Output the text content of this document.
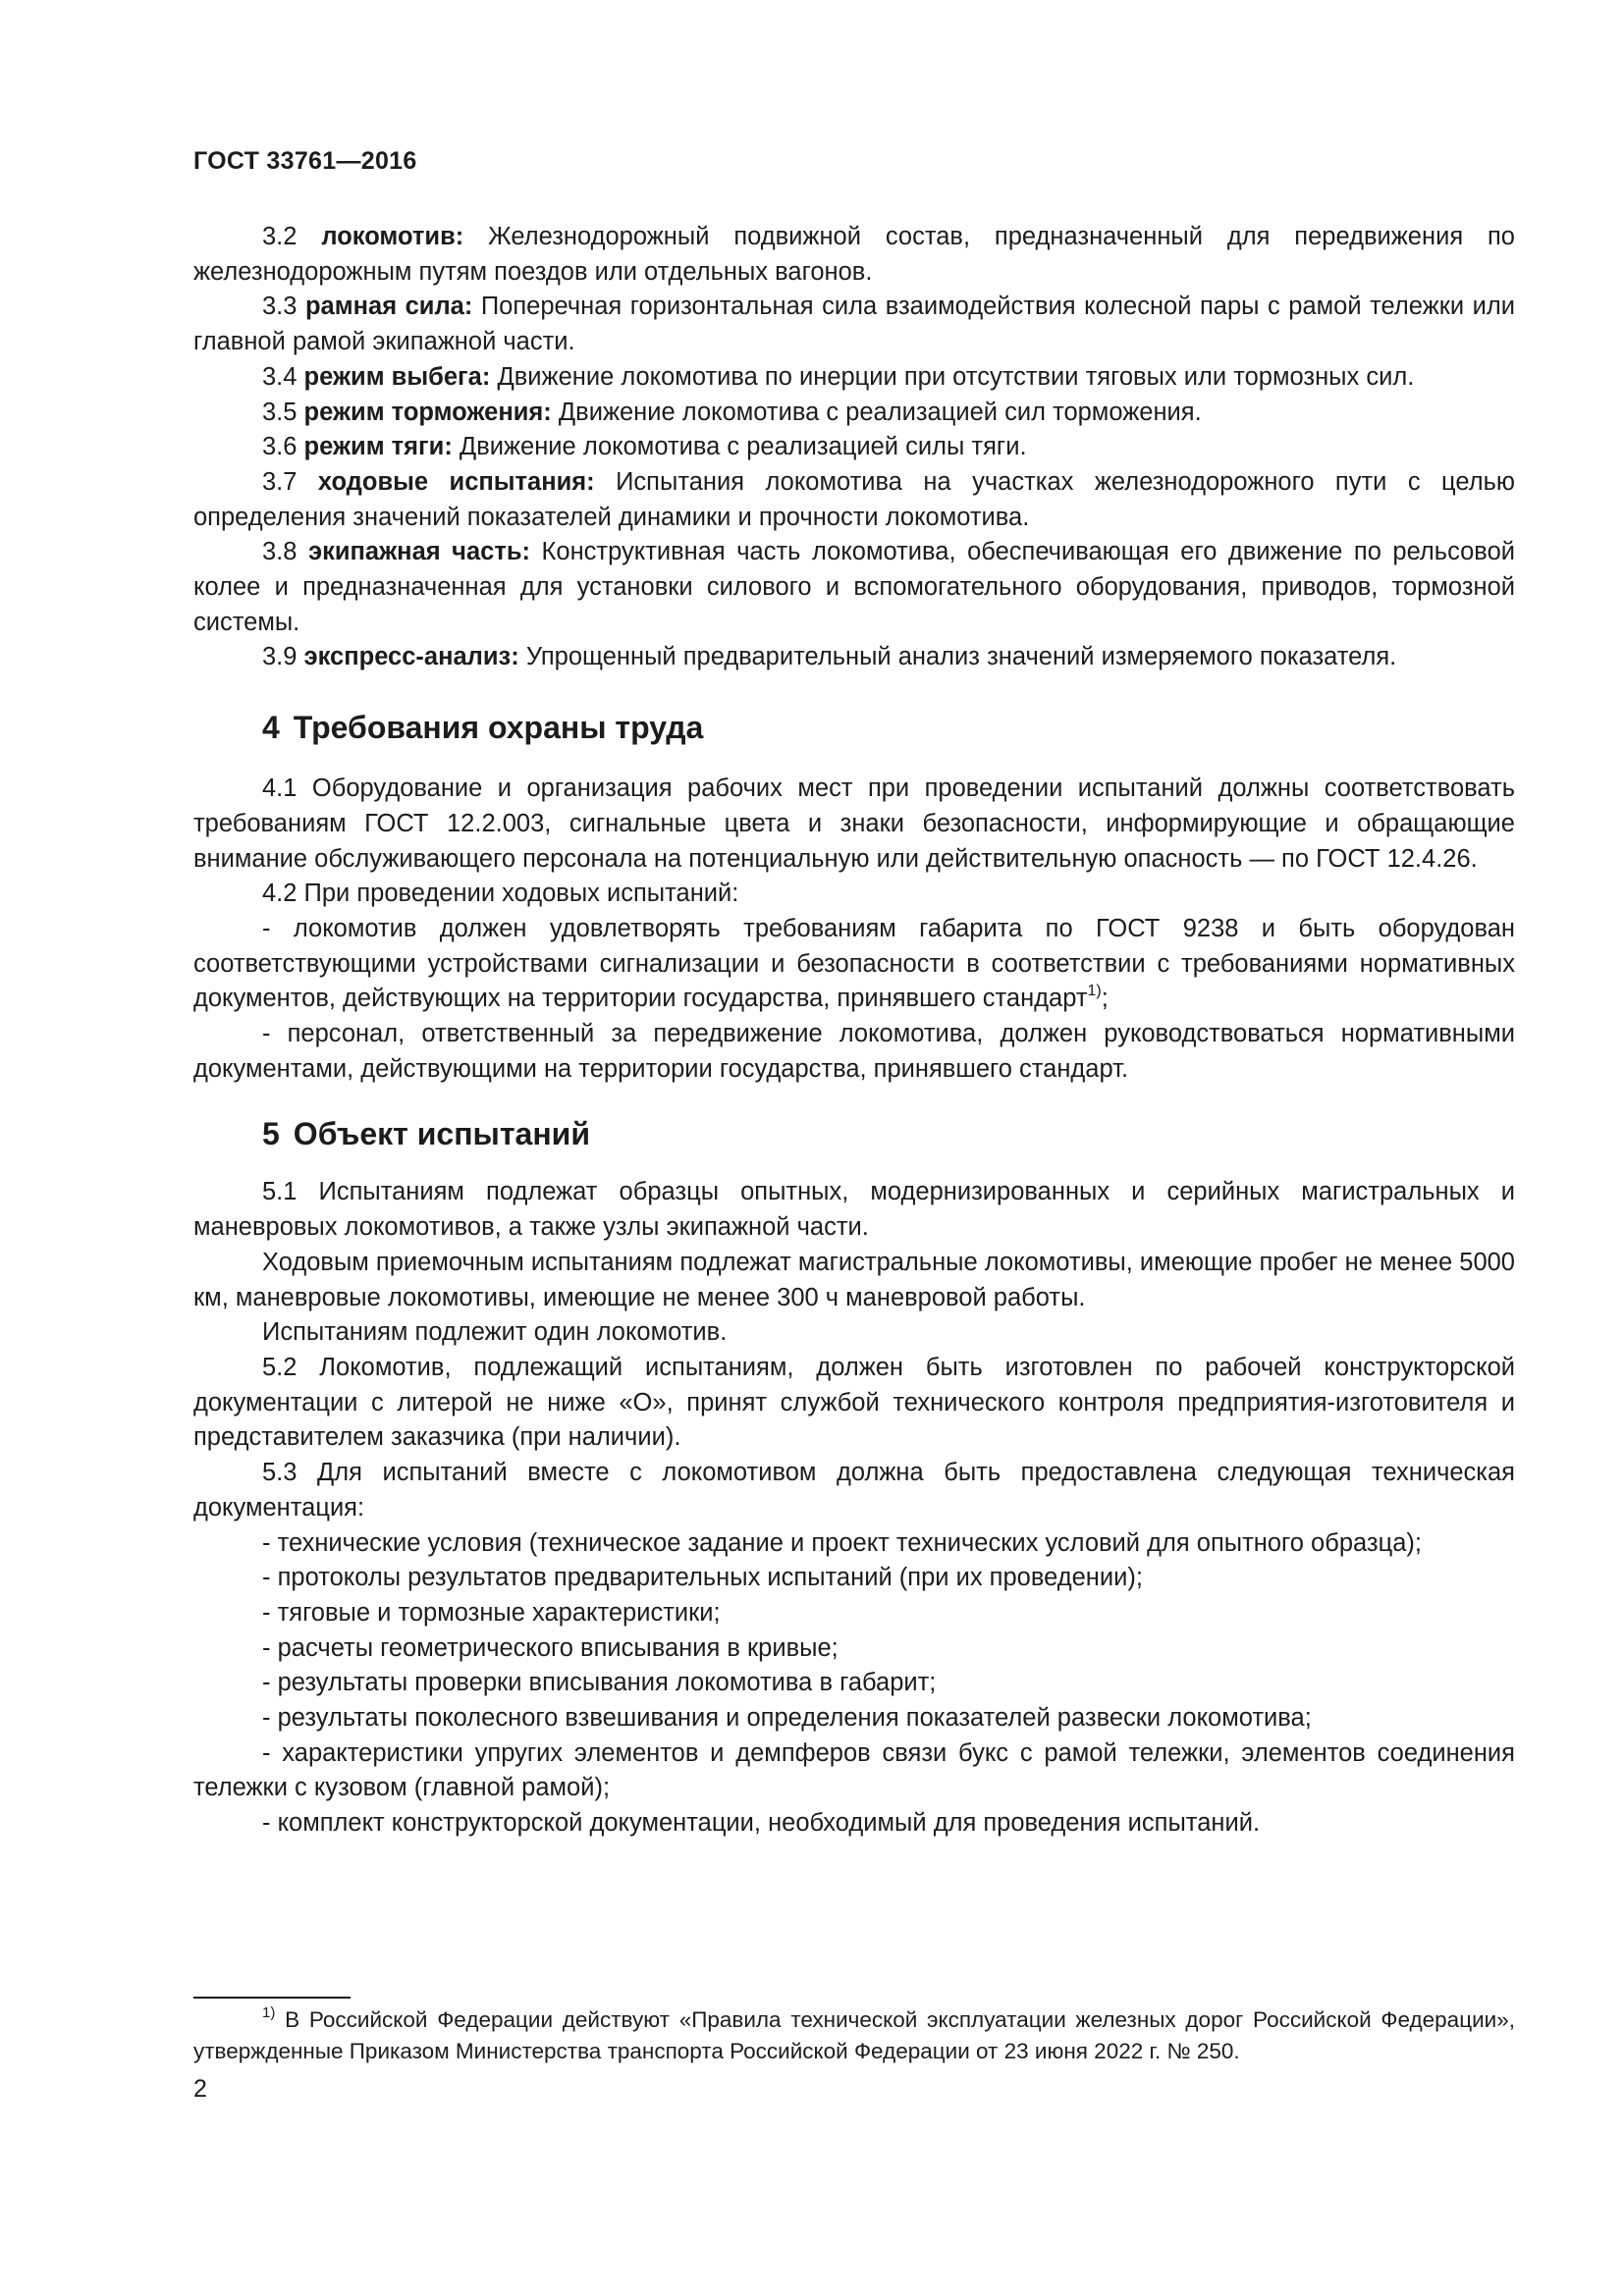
ГОСТ 33761—2016

3.2 локомотив: Железнодорожный подвижной состав, предназначенный для передвижения по железнодорожным путям поездов или отдельных вагонов.

3.3 рамная сила: Поперечная горизонтальная сила взаимодействия колесной пары с рамой тележки или главной рамой экипажной части.

3.4 режим выбега: Движение локомотива по инерции при отсутствии тяговых или тормозных сил.

3.5 режим торможения: Движение локомотива с реализацией сил торможения.

3.6 режим тяги: Движение локомотива с реализацией силы тяги.

3.7 ходовые испытания: Испытания локомотива на участках железнодорожного пути с целью определения значений показателей динамики и прочности локомотива.

3.8 экипажная часть: Конструктивная часть локомотива, обеспечивающая его движение по рельсовой колее и предназначенная для установки силового и вспомогательного оборудования, приводов, тормозной системы.

3.9 экспресс-анализ: Упрощенный предварительный анализ значений измеряемого показателя.

4 Требования охраны труда

4.1 Оборудование и организация рабочих мест при проведении испытаний должны соответствовать требованиям ГОСТ 12.2.003, сигнальные цвета и знаки безопасности, информирующие и обращающие внимание обслуживающего персонала на потенциальную или действительную опасность — по ГОСТ 12.4.26.

4.2 При проведении ходовых испытаний:

- локомотив должен удовлетворять требованиям габарита по ГОСТ 9238 и быть оборудован соответствующими устройствами сигнализации и безопасности в соответствии с требованиями нормативных документов, действующих на территории государства, принявшего стандарт$^{1)}$;

- персонал, ответственный за передвижение локомотива, должен руководствоваться нормативными документами, действующими на территории государства, принявшего стандарт.

5 Объект испытаний

5.1 Испытаниям подлежат образцы опытных, модернизированных и серийных магистральных и маневровых локомотивов, а также узлы экипажной части.

Ходовым приемочным испытаниям подлежат магистральные локомотивы, имеющие пробег не менее 5000 км, маневровые локомотивы, имеющие не менее 300 ч маневровой работы.

Испытаниям подлежит один локомотив.

5.2 Локомотив, подлежащий испытаниям, должен быть изготовлен по рабочей конструкторской документации с литерой не ниже «О», принят службой технического контроля предприятия-изготовителя и представителем заказчика (при наличии).

5.3 Для испытаний вместе с локомотивом должна быть предоставлена следующая техническая документация:

- технические условия (техническое задание и проект технических условий для опытного образца);

- протоколы результатов предварительных испытаний (при их проведении);

- тяговые и тормозные характеристики;

- расчеты геометрического вписывания в кривые;

- результаты проверки вписывания локомотива в габарит;

- результаты поколесного взвешивания и определения показателей развески локомотива;

- характеристики упругих элементов и демпферов связи букс с рамой тележки, элементов соединения тележки с кузовом (главной рамой);

- комплект конструкторской документации, необходимый для проведения испытаний.

$^{1)}$ В Российской Федерации действуют «Правила технической эксплуатации железных дорог Российской Федерации», утвержденные Приказом Министерства транспорта Российской Федерации от 23 июня 2022 г. № 250.
2
